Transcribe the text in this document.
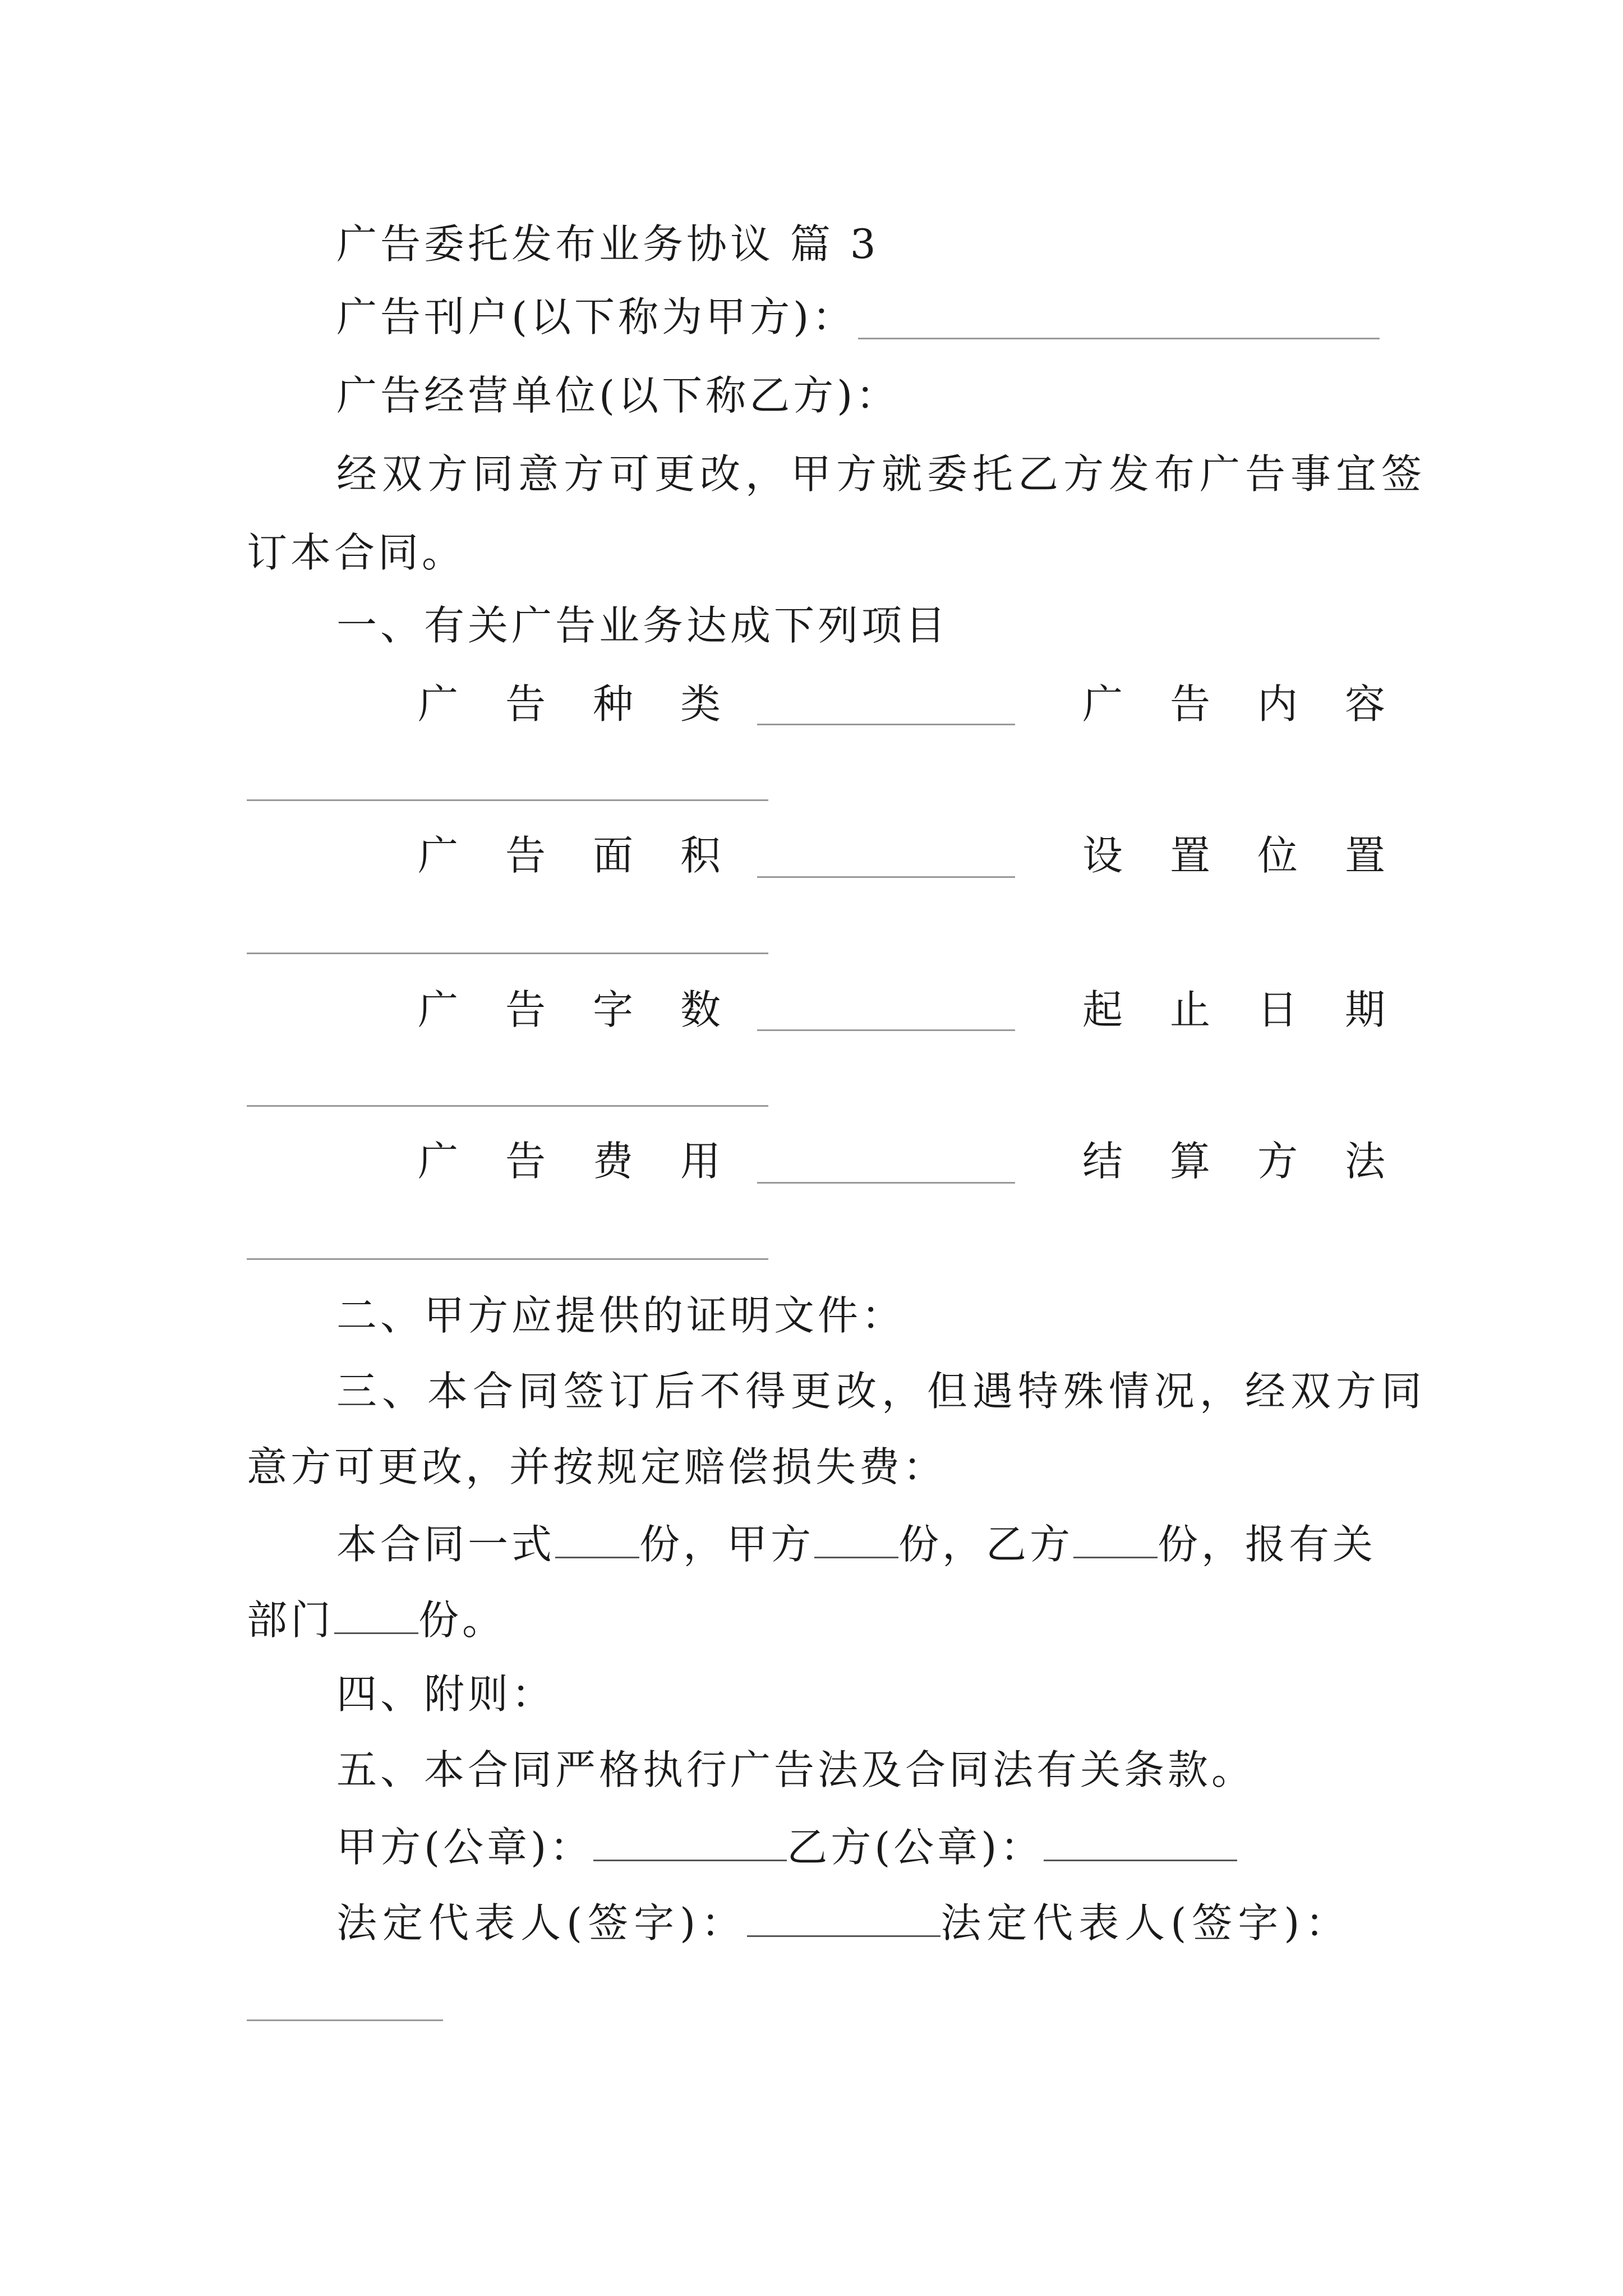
广告委托发布业务协议 篇 3
广告刊户(以下称为甲方)：
广告经营单位(以下称乙方)：
经双方同意方可更改，甲方就委托乙方发布广告事宜签
订本合同。
一、有关广告业务达成下列项目
广 告 种 类	广 告 内 容
广 告 面 积	设 置 位 置
广 告 字 数	起 止 日 期
广 告 费 用	结 算 方 法
二、甲方应提供的证明文件：
三、本合同签订后不得更改，但遇特殊情况，经双方同
意方可更改，并按规定赔偿损失费：
本合同一式 份，甲方 份，乙方 份，报有关
部门 份。
四、附则：
五、本合同严格执行广告法及合同法有关条款。
甲方(公章)：	乙方(公章)：
法定代表人(签字)：	法定代表人(签字)：
